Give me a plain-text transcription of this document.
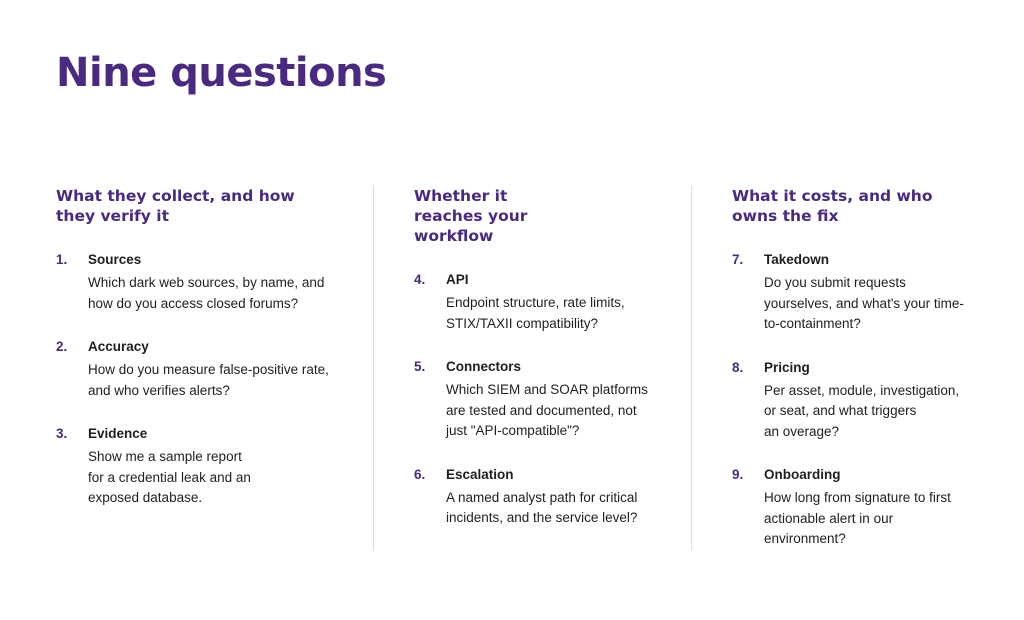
Nine questions
What they collect, and how they verify it
1.	Sources
Which dark web sources, by name, and
how do you access closed forums?
2.	Accuracy
How do you measure false-positive rate,
and who verifies alerts?
3.	Evidence
Show me a sample report
for a credential leak and an
exposed database.
Whether it reaches your workflow
4.	API
Endpoint structure, rate limits,
STIX/TAXII compatibility?
5.	Connectors
Which SIEM and SOAR platforms
are tested and documented, not
just "API-compatible"?
6.	Escalation
A named analyst path for critical
incidents, and the service level?
What it costs, and who owns the fix
7.	Takedown
Do you submit requests
yourselves, and what's your time-
to-containment?
8.	Pricing
Per asset, module, investigation,
or seat, and what triggers
an overage?
9.	Onboarding
How long from signature to first
actionable alert in our
environment?
